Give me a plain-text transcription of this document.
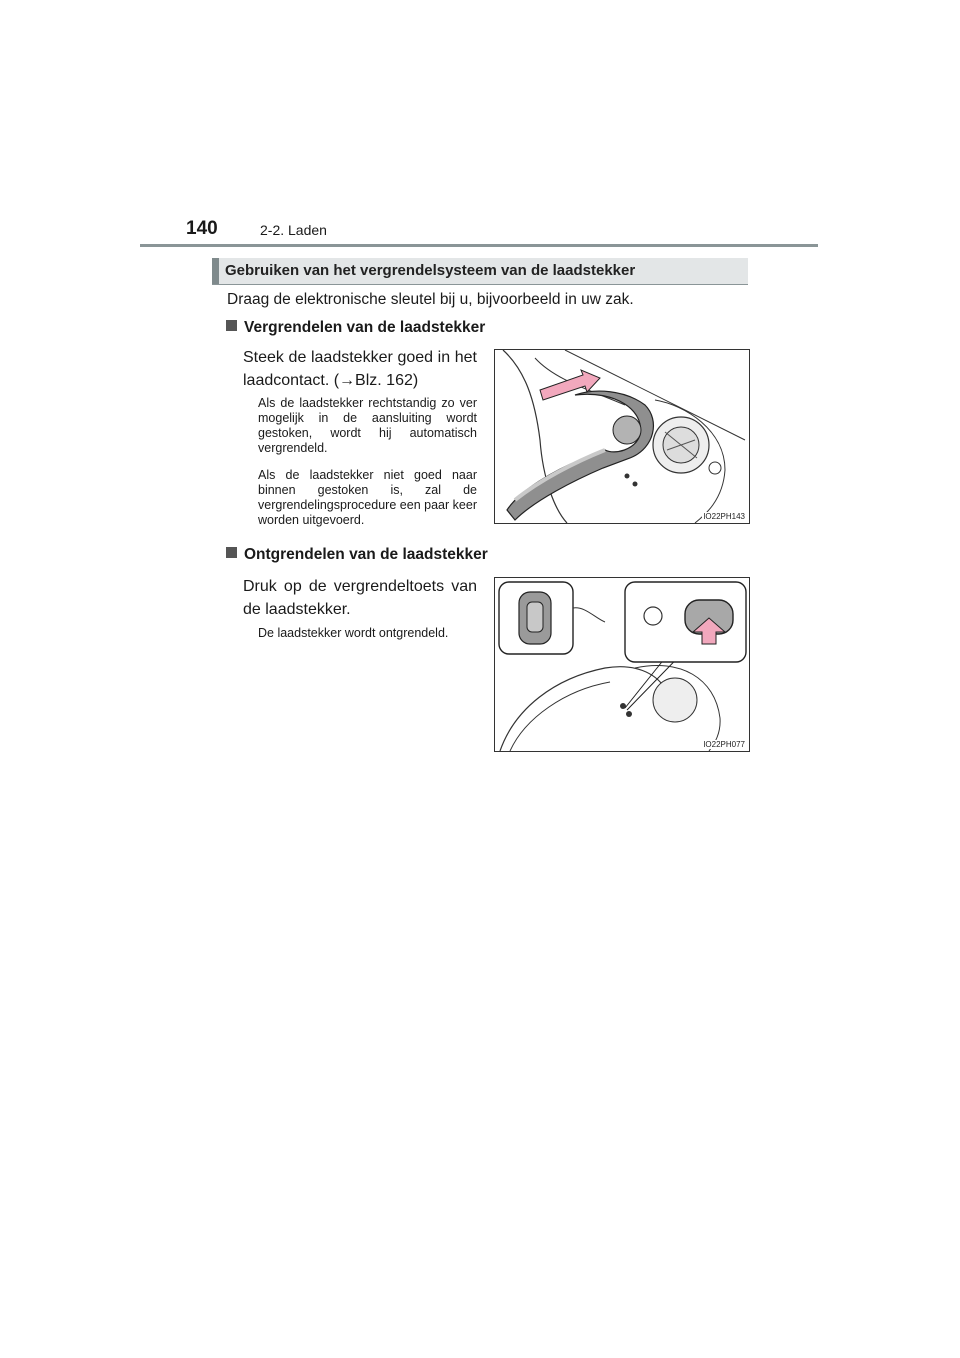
140	2-2. Laden
Gebruiken van het vergrendelsysteem van de laadstekker
Draag de elektronische sleutel bij u, bijvoorbeeld in uw zak.
Vergrendelen van de laadstekker
Steek de laadstekker goed in het laadcontact. (→Blz. 162)
Als de laadstekker rechtstandig zo ver mogelijk in de aansluiting wordt gestoken, wordt hij automatisch vergrendeld.
Als de laadstekker niet goed naar binnen gestoken is, zal de vergrendelingsprocedure een paar keer worden uitgevoerd.	IO22PH143
Ontgrendelen van de laadstekker
Druk op de vergrendeltoets van de laadstekker.
De laadstekker wordt ontgrendeld.
IO22PH077
